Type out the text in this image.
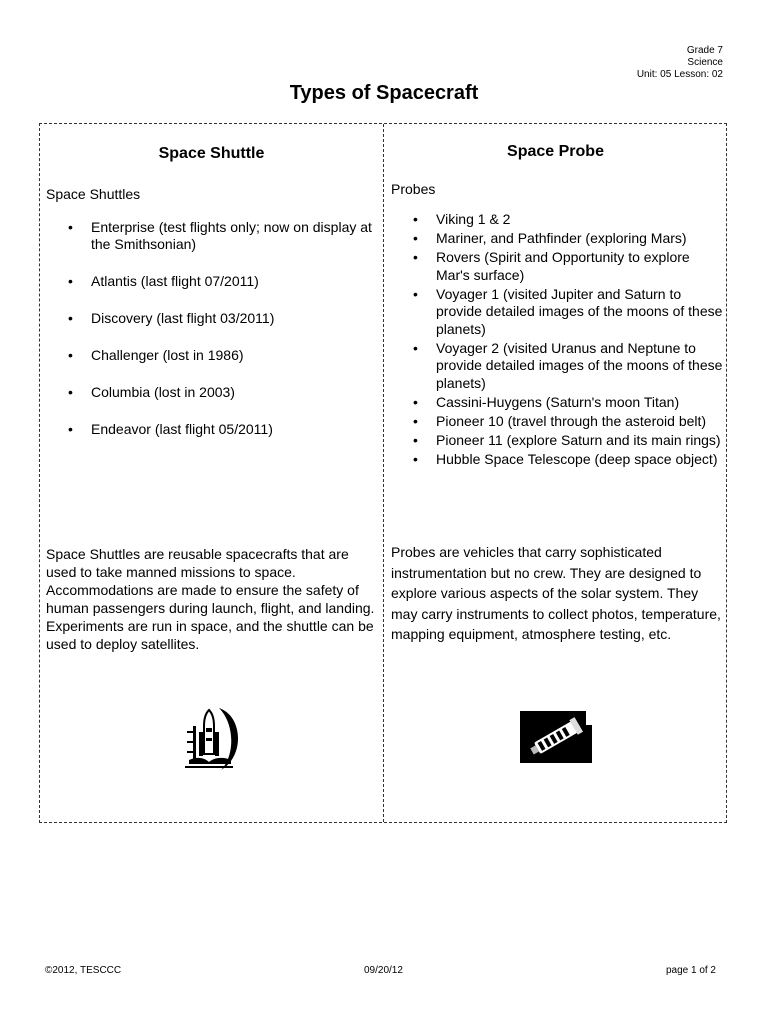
Grade 7
Science
Unit: 05 Lesson: 02
Types of Spacecraft
Space Shuttle
Space Shuttles
• Enterprise (test flights only; now on display at the Smithsonian)
• Atlantis (last flight 07/2011)
• Discovery (last flight 03/2011)
• Challenger (lost in 1986)
• Columbia (lost in 2003)
• Endeavor (last flight 05/2011)
Space Shuttles are reusable spacecrafts that are used to take manned missions to space. Accommodations are made to ensure the safety of human passengers during launch, flight, and landing. Experiments are run in space, and the shuttle can be used to deploy satellites.
Space Probe
Probes
• Viking 1 & 2
• Mariner, and Pathfinder (exploring Mars)
• Rovers (Spirit and Opportunity to explore Mar's surface)
• Voyager 1 (visited Jupiter and Saturn to provide detailed images of the moons of these planets)
• Voyager 2 (visited Uranus and Neptune to provide detailed images of the moons of these planets)
• Cassini-Huygens (Saturn's moon Titan)
• Pioneer 10 (travel through the asteroid belt)
• Pioneer 11 (explore Saturn and its main rings)
• Hubble Space Telescope (deep space object)
Probes are vehicles that carry sophisticated instrumentation but no crew. They are designed to explore various aspects of the solar system. They may carry instruments to collect photos, temperature, mapping equipment, atmosphere testing, etc.
©2012, TESCCC	09/20/12	page 1 of 2
